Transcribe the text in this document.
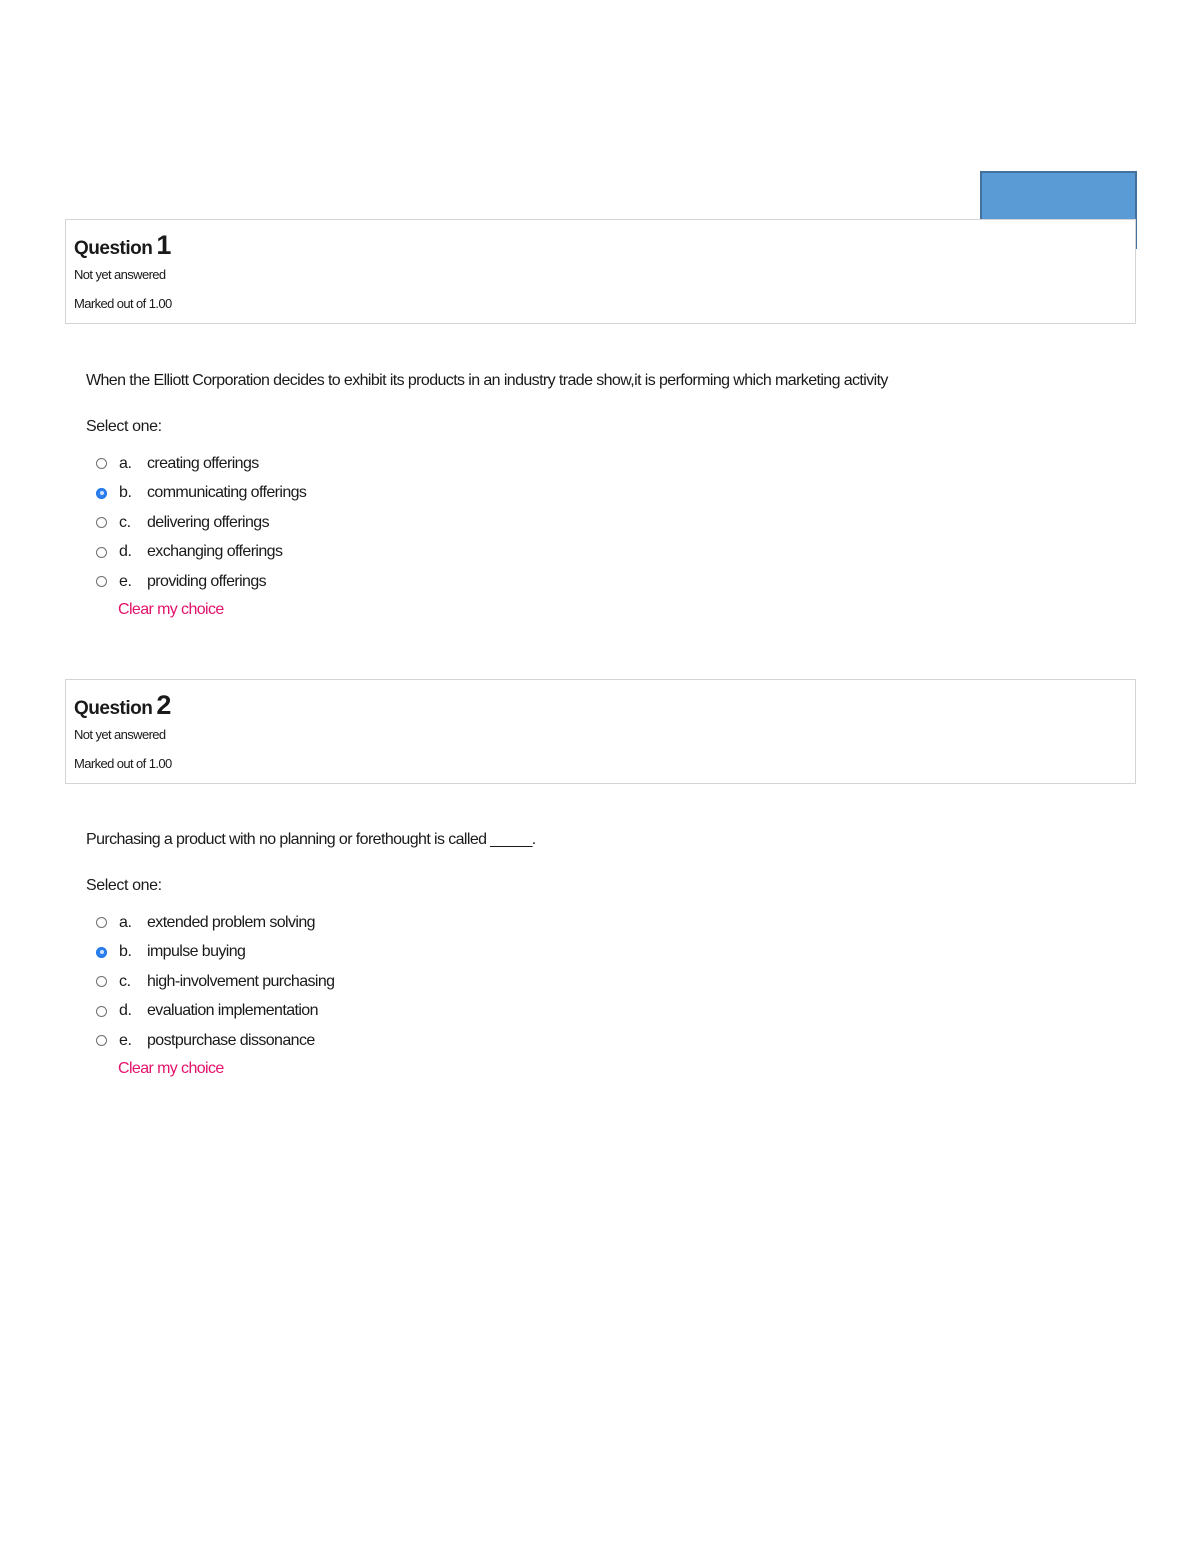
Question 1
Not yet answered
Marked out of 1.00
When the Elliott Corporation decides to exhibit its products in an industry trade show,it is performing which marketing activity
Select one:
a. creating offerings
b. communicating offerings
c.	delivering offerings
d. exchanging offerings
e. providing offerings
Clear my choice
Question 2
Not yet answered
Marked out of 1.00
Purchasing a product with no planning or forethought is called _____.
Select one:
a. extended problem solving
b. impulse buying
c.	high-involvement purchasing
d. evaluation implementation
e. postpurchase dissonance
Clear my choice
